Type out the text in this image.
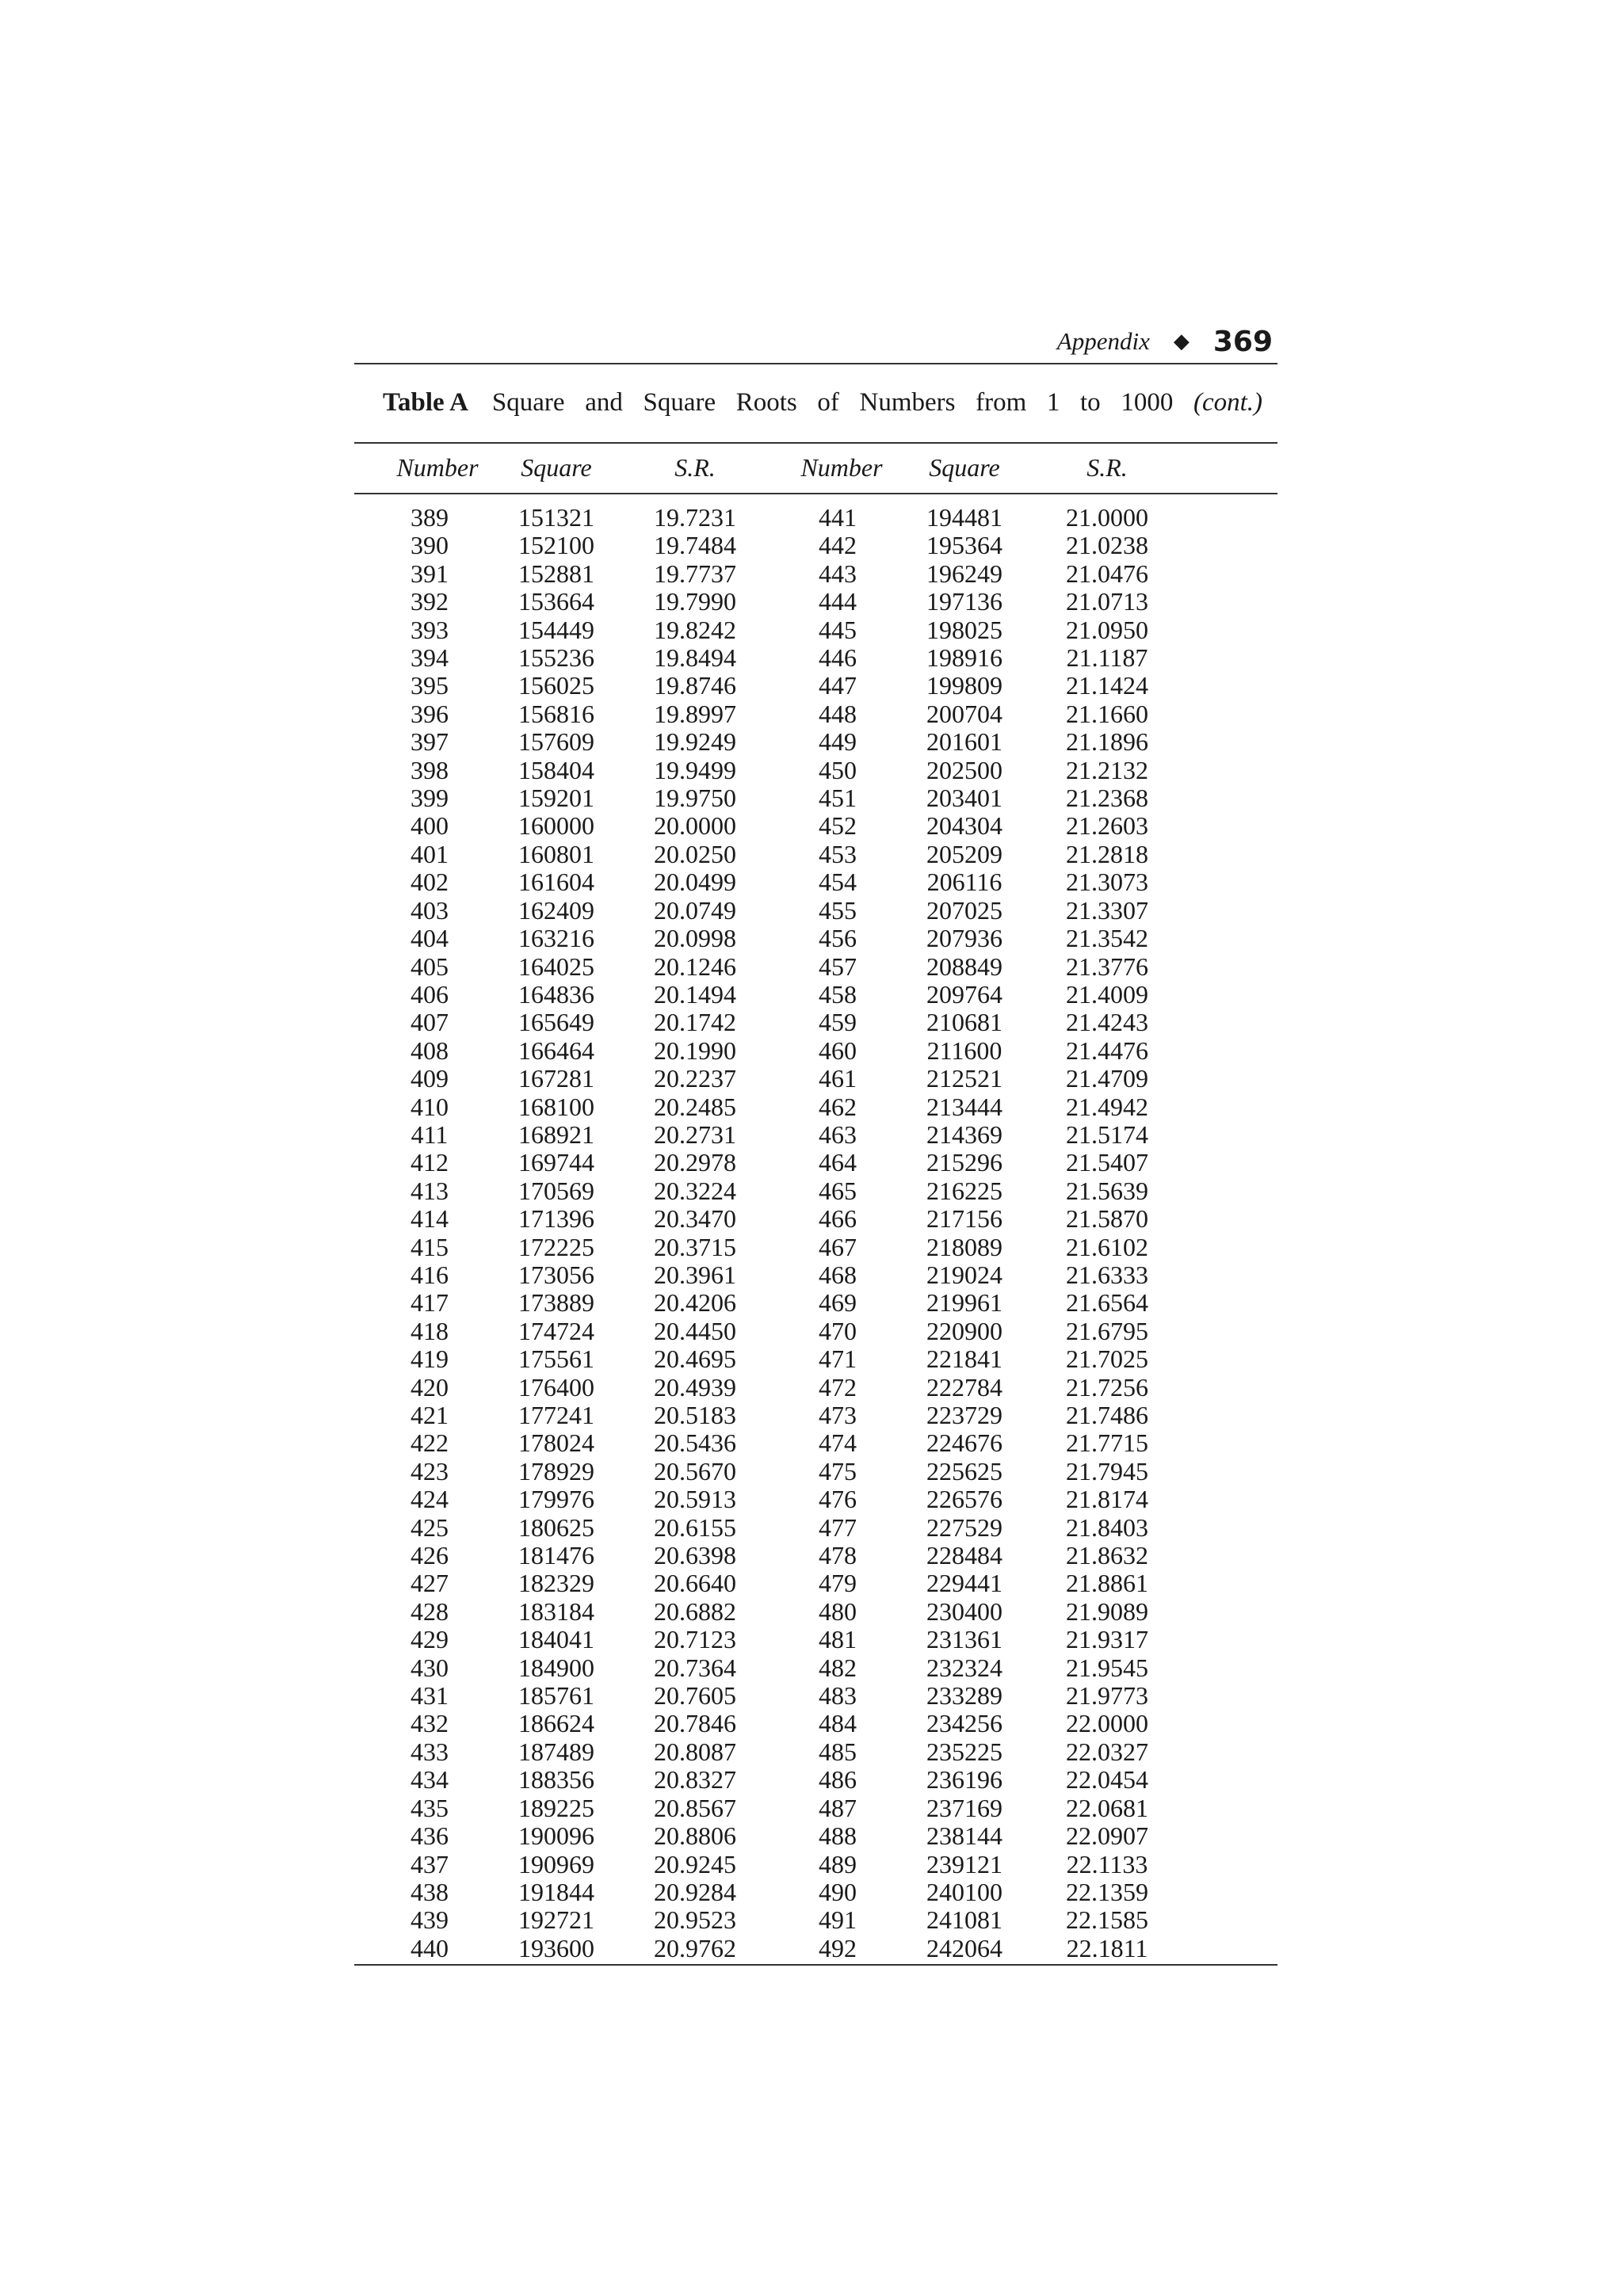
Appendix ◆ 369
Table A Square and Square Roots of Numbers from 1 to 1000 (cont.)
Number	Square	S.R.	Number	Square	S.R.	
389	151321	19.7231	441	194481	21.0000	
390	152100	19.7484	442	195364	21.0238	
391	152881	19.7737	443	196249	21.0476	
392	153664	19.7990	444	197136	21.0713	
393	154449	19.8242	445	198025	21.0950	
394	155236	19.8494	446	198916	21.1187	
395	156025	19.8746	447	199809	21.1424	
396	156816	19.8997	448	200704	21.1660	
397	157609	19.9249	449	201601	21.1896	
398	158404	19.9499	450	202500	21.2132	
399	159201	19.9750	451	203401	21.2368	
400	160000	20.0000	452	204304	21.2603	
401	160801	20.0250	453	205209	21.2818	
402	161604	20.0499	454	206116	21.3073	
403	162409	20.0749	455	207025	21.3307	
404	163216	20.0998	456	207936	21.3542	
405	164025	20.1246	457	208849	21.3776	
406	164836	20.1494	458	209764	21.4009	
407	165649	20.1742	459	210681	21.4243	
408	166464	20.1990	460	211600	21.4476	
409	167281	20.2237	461	212521	21.4709	
410	168100	20.2485	462	213444	21.4942	
411	168921	20.2731	463	214369	21.5174	
412	169744	20.2978	464	215296	21.5407	
413	170569	20.3224	465	216225	21.5639	
414	171396	20.3470	466	217156	21.5870	
415	172225	20.3715	467	218089	21.6102	
416	173056	20.3961	468	219024	21.6333	
417	173889	20.4206	469	219961	21.6564	
418	174724	20.4450	470	220900	21.6795	
419	175561	20.4695	471	221841	21.7025	
420	176400	20.4939	472	222784	21.7256	
421	177241	20.5183	473	223729	21.7486	
422	178024	20.5436	474	224676	21.7715	
423	178929	20.5670	475	225625	21.7945	
424	179976	20.5913	476	226576	21.8174	
425	180625	20.6155	477	227529	21.8403	
426	181476	20.6398	478	228484	21.8632	
427	182329	20.6640	479	229441	21.8861	
428	183184	20.6882	480	230400	21.9089	
429	184041	20.7123	481	231361	21.9317	
430	184900	20.7364	482	232324	21.9545	
431	185761	20.7605	483	233289	21.9773	
432	186624	20.7846	484	234256	22.0000	
433	187489	20.8087	485	235225	22.0327	
434	188356	20.8327	486	236196	22.0454	
435	189225	20.8567	487	237169	22.0681	
436	190096	20.8806	488	238144	22.0907	
437	190969	20.9245	489	239121	22.1133	
438	191844	20.9284	490	240100	22.1359	
439	192721	20.9523	491	241081	22.1585	
440	193600	20.9762	492	242064	22.1811	
